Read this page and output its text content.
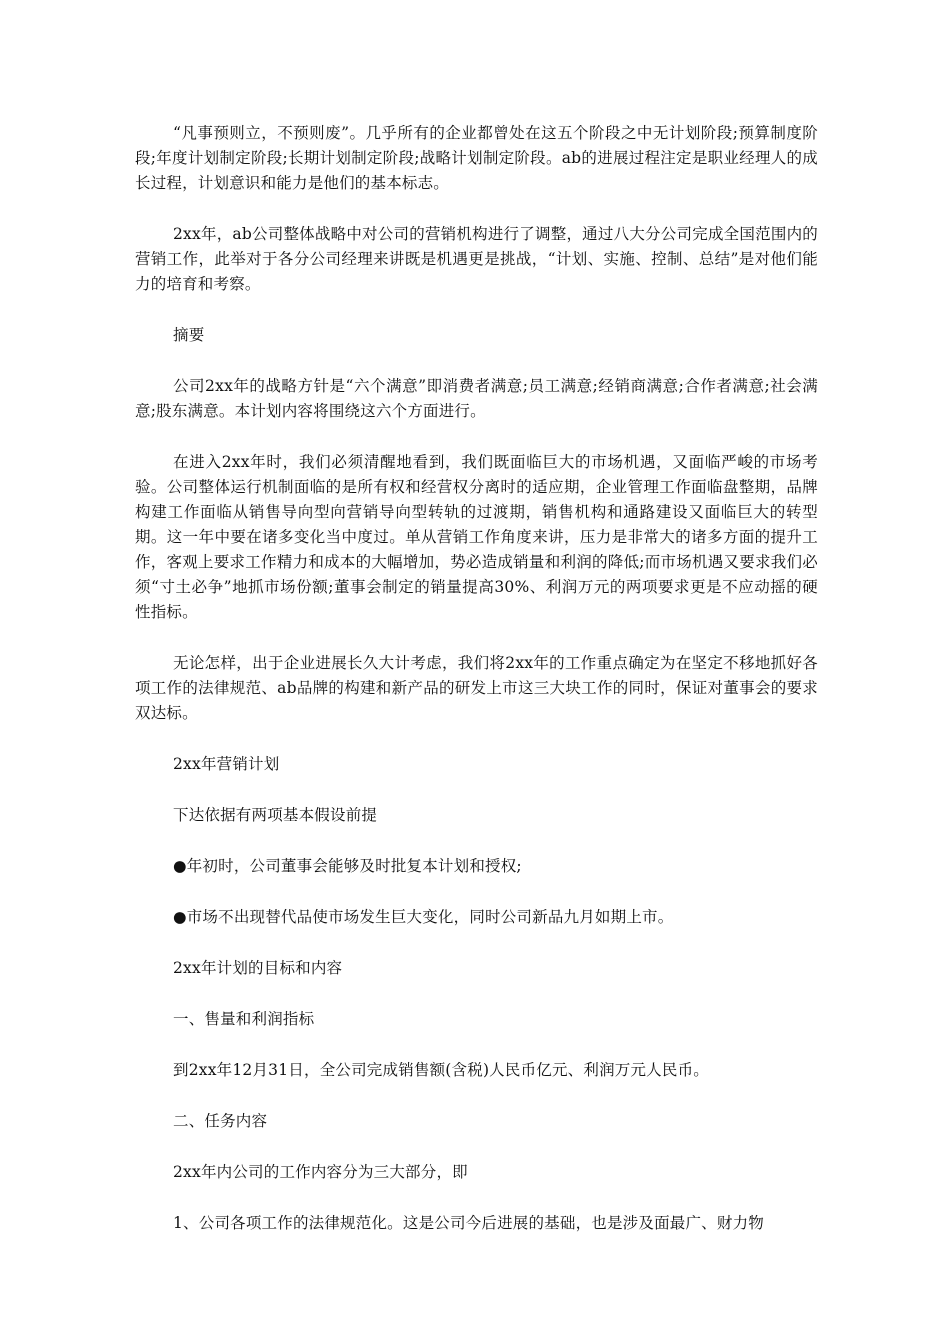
“凡事预则立，不预则废”。几乎所有的企业都曾处在这五个阶段之中无计划阶段;预算制度阶段;年度计划制定阶段;长期计划制定阶段;战略计划制定阶段。ab的进展过程注定是职业经理人的成长过程，计划意识和能力是他们的基本标志。

2xx年，ab公司整体战略中对公司的营销机构进行了调整，通过八大分公司完成全国范围内的营销工作，此举对于各分公司经理来讲既是机遇更是挑战，“计划、实施、控制、总结”是对他们能力的培育和考察。

摘要

公司2xx年的战略方针是“六个满意”即消费者满意;员工满意;经销商满意;合作者满意;社会满意;股东满意。本计划内容将围绕这六个方面进行。

在进入2xx年时，我们必须清醒地看到，我们既面临巨大的市场机遇，又面临严峻的市场考验。公司整体运行机制面临的是所有权和经营权分离时的适应期，企业管理工作面临盘整期，品牌构建工作面临从销售导向型向营销导向型转轨的过渡期，销售机构和通路建设又面临巨大的转型期。这一年中要在诸多变化当中度过。单从营销工作角度来讲，压力是非常大的诸多方面的提升工作，客观上要求工作精力和成本的大幅增加，势必造成销量和利润的降低;而市场机遇又要求我们必须“寸土必争”地抓市场份额;董事会制定的销量提高30%、利润万元的两项要求更是不应动摇的硬性指标。

无论怎样，出于企业进展长久大计考虑，我们将2xx年的工作重点确定为在坚定不移地抓好各项工作的法律规范、ab品牌的构建和新产品的研发上市这三大块工作的同时，保证对董事会的要求双达标。

2xx年营销计划

下达依据有两项基本假设前提

●年初时，公司董事会能够及时批复本计划和授权;

●市场不出现替代品使市场发生巨大变化，同时公司新品九月如期上市。

2xx年计划的目标和内容

一、售量和利润指标

到2xx年12月31日，全公司完成销售额(含税)人民币亿元、利润万元人民币。

二、任务内容

2xx年内公司的工作内容分为三大部分，即

1、公司各项工作的法律规范化。这是公司今后进展的基础，也是涉及面最广、财力物
